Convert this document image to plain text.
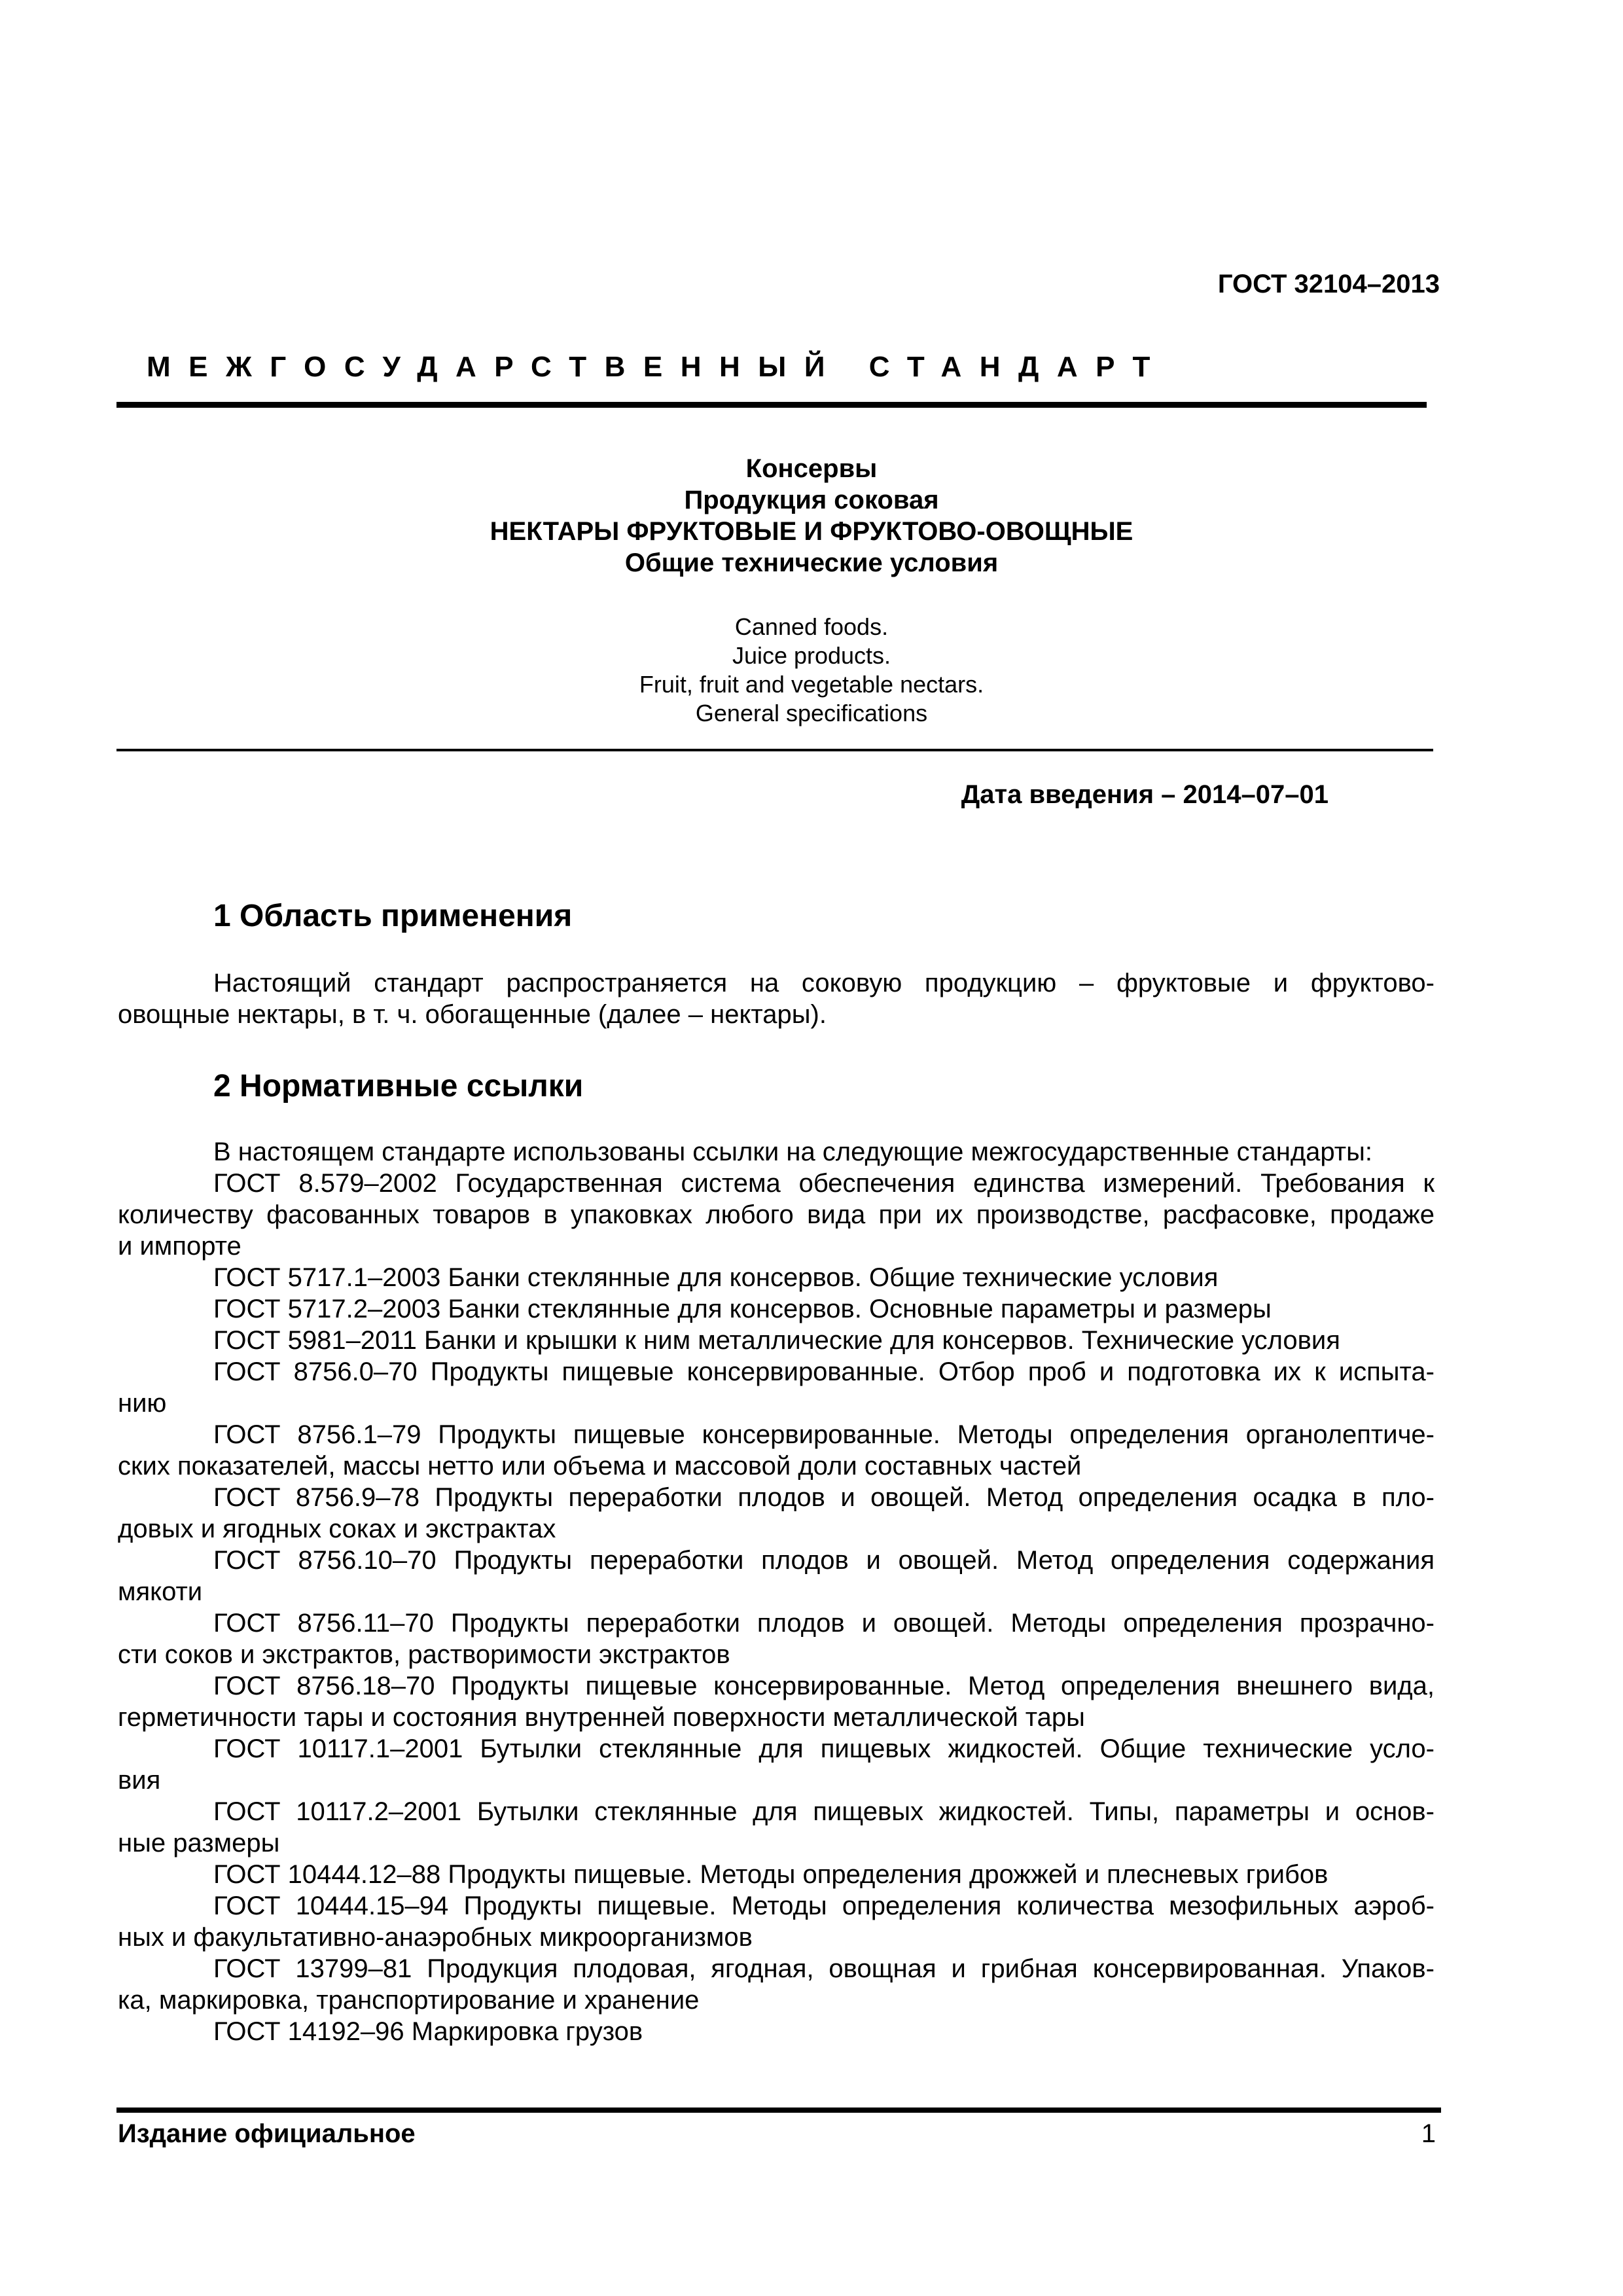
ГОСТ 32104–2013
МЕЖГОСУДАРСТВЕННЫЙ СТАНДАРТ
Консервы
Продукция соковая
НЕКТАРЫ ФРУКТОВЫЕ И ФРУКТОВО-ОВОЩНЫЕ
Общие технические условия
Canned foods.
Juice products.
Fruit, fruit and vegetable nectars.
General specifications
Дата введения – 2014–07–01
1 Область применения
Настоящий стандарт распространяется на соковую продукцию – фруктовые и фруктово-
овощные нектары, в т. ч. обогащенные (далее – нектары).
2 Нормативные ссылки
В настоящем стандарте использованы ссылки на следующие межгосударственные стандарты:
ГОСТ 8.579–2002 Государственная система обеспечения единства измерений. Требования к
количеству фасованных товаров в упаковках любого вида при их производстве, расфасовке, продаже
и импорте
ГОСТ 5717.1–2003 Банки стеклянные для консервов. Общие технические условия
ГОСТ 5717.2–2003 Банки стеклянные для консервов. Основные параметры и размеры
ГОСТ 5981–2011 Банки и крышки к ним металлические для консервов. Технические условия
ГОСТ 8756.0–70 Продукты пищевые консервированные. Отбор проб и подготовка их к испыта-
нию
ГОСТ 8756.1–79 Продукты пищевые консервированные. Методы определения органолептиче-
ских показателей, массы нетто или объема и массовой доли составных частей
ГОСТ 8756.9–78 Продукты переработки плодов и овощей. Метод определения осадка в пло-
довых и ягодных соках и экстрактах
ГОСТ 8756.10–70 Продукты переработки плодов и овощей. Метод определения содержания
мякоти
ГОСТ 8756.11–70 Продукты переработки плодов и овощей. Методы определения прозрачно-
сти соков и экстрактов, растворимости экстрактов
ГОСТ 8756.18–70 Продукты пищевые консервированные. Метод определения внешнего вида,
герметичности тары и состояния внутренней поверхности металлической тары
ГОСТ 10117.1–2001 Бутылки стеклянные для пищевых жидкостей. Общие технические усло-
вия
ГОСТ 10117.2–2001 Бутылки стеклянные для пищевых жидкостей. Типы, параметры и основ-
ные размеры
ГОСТ 10444.12–88 Продукты пищевые. Методы определения дрожжей и плесневых грибов
ГОСТ 10444.15–94 Продукты пищевые. Методы определения количества мезофильных аэроб-
ных и факультативно-анаэробных микроорганизмов
ГОСТ 13799–81 Продукция плодовая, ягодная, овощная и грибная консервированная. Упаков-
ка, маркировка, транспортирование и хранение
ГОСТ 14192–96 Маркировка грузов
Издание официальное	1
